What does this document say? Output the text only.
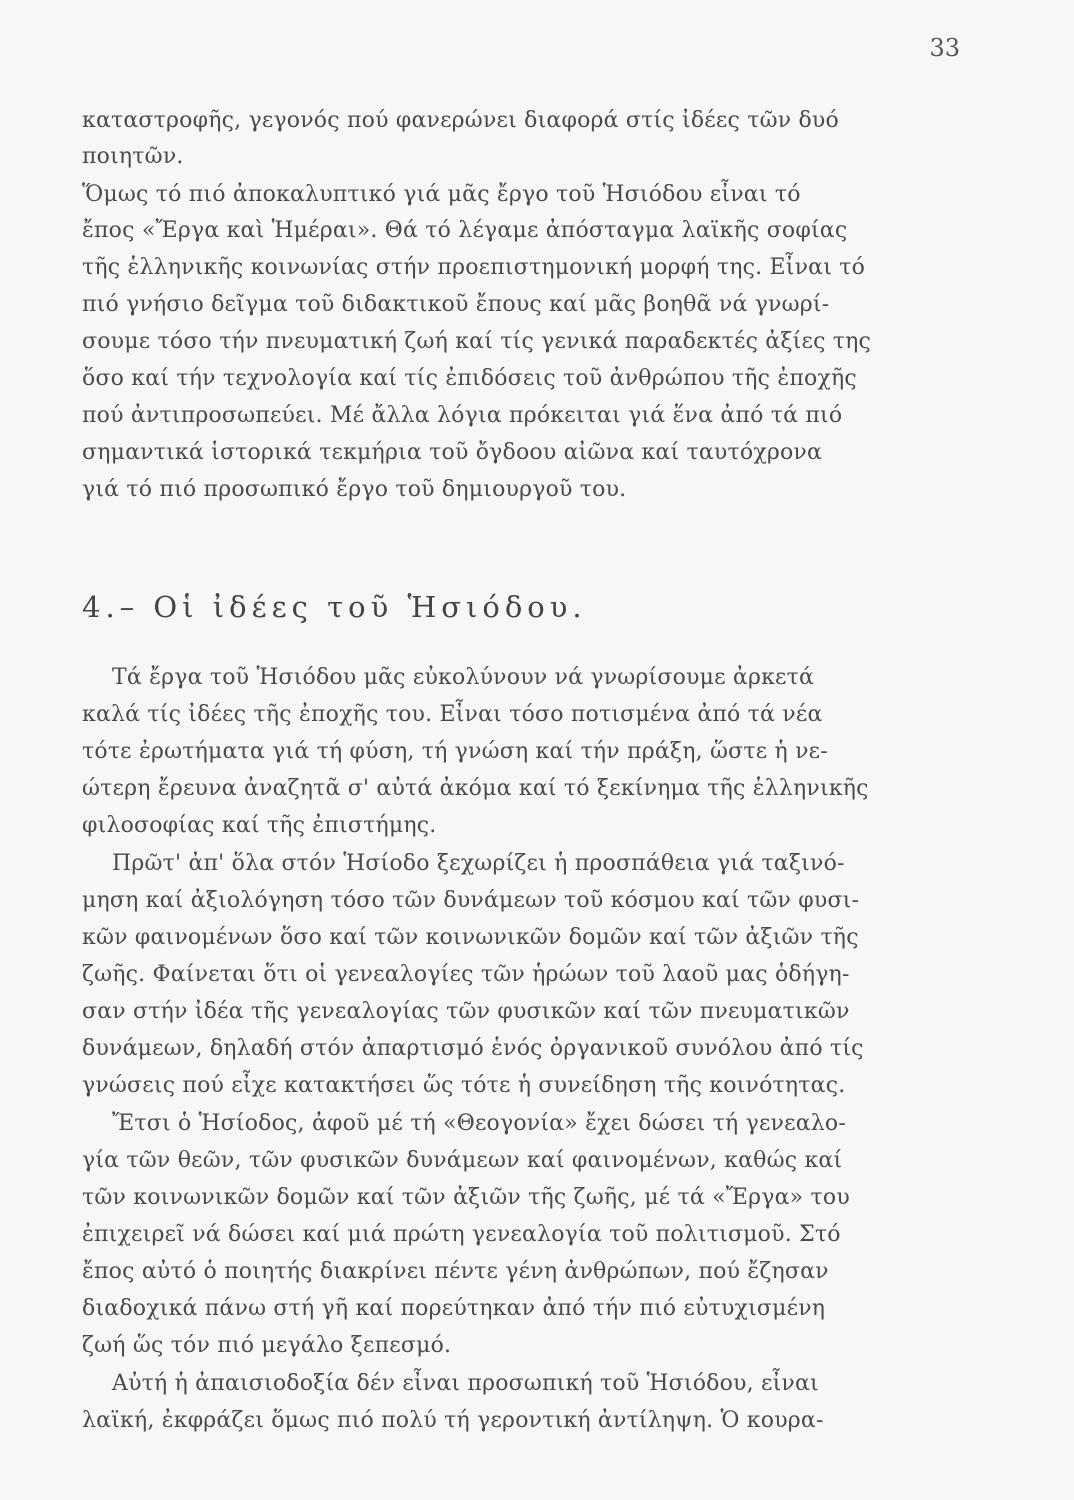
33
καταστροφῆς, γεγονός πού φανερώνει διαφορά στίς ἰδέες τῶν δυό
ποιητῶν.
Ὅμως τό πιό ἀποκαλυπτικό γιά μᾶς ἔργο τοῦ Ἡσιόδου εἶναι τό
ἔπος «Ἔργα καὶ Ἡμέραι». Θά τό λέγαμε ἀπόσταγμα λαϊκῆς σοφίας
τῆς ἑλληνικῆς κοινωνίας στήν προεπιστημονική μορφή της. Εἶναι τό
πιό γνήσιο δεῖγμα τοῦ διδακτικοῦ ἔπους καί μᾶς βοηθᾶ νά γνωρί-
σουμε τόσο τήν πνευματική ζωή καί τίς γενικά παραδεκτές ἀξίες της
ὅσο καί τήν τεχνολογία καί τίς ἐπιδόσεις τοῦ ἀνθρώπου τῆς ἐποχῆς
πού ἀντιπροσωπεύει. Μέ ἄλλα λόγια πρόκειται γιά ἕνα ἀπό τά πιό
σημαντικά ἱστορικά τεκμήρια τοῦ ὄγδοου αἰῶνα καί ταυτόχρονα
γιά τό πιό προσωπικό ἔργο τοῦ δημιουργοῦ του.
4.– Οἱ ἰδέες τοῦ Ἡσιόδου.
Τά ἔργα τοῦ Ἡσιόδου μᾶς εὐκολύνουν νά γνωρίσουμε ἀρκετά
καλά τίς ἰδέες τῆς ἐποχῆς του. Εἶναι τόσο ποτισμένα ἀπό τά νέα
τότε ἐρωτήματα γιά τή φύση, τή γνώση καί τήν πράξη, ὥστε ἡ νε-
ώτερη ἔρευνα ἀναζητᾶ σ' αὐτά ἀκόμα καί τό ξεκίνημα τῆς ἑλληνικῆς
φιλοσοφίας καί τῆς ἐπιστήμης.
Πρῶτ' ἀπ' ὅλα στόν Ἡσίοδο ξεχωρίζει ἡ προσπάθεια γιά ταξινό-
μηση καί ἀξιολόγηση τόσο τῶν δυνάμεων τοῦ κόσμου καί τῶν φυσι-
κῶν φαινομένων ὅσο καί τῶν κοινωνικῶν δομῶν καί τῶν ἀξιῶν τῆς
ζωῆς. Φαίνεται ὅτι οἱ γενεαλογίες τῶν ἡρώων τοῦ λαοῦ μας ὁδήγη-
σαν στήν ἰδέα τῆς γενεαλογίας τῶν φυσικῶν καί τῶν πνευματικῶν
δυνάμεων, δηλαδή στόν ἀπαρτισμό ἑνός ὀργανικοῦ συνόλου ἀπό τίς
γνώσεις πού εἶχε κατακτήσει ὥς τότε ἡ συνείδηση τῆς κοινότητας.
Ἔτσι ὁ Ἡσίοδος, ἀφοῦ μέ τή «Θεογονία» ἔχει δώσει τή γενεαλο-
γία τῶν θεῶν, τῶν φυσικῶν δυνάμεων καί φαινομένων, καθώς καί
τῶν κοινωνικῶν δομῶν καί τῶν ἀξιῶν τῆς ζωῆς, μέ τά «Ἔργα» του
ἐπιχειρεῖ νά δώσει καί μιά πρώτη γενεαλογία τοῦ πολιτισμοῦ. Στό
ἔπος αὐτό ὁ ποιητής διακρίνει πέντε γένη ἀνθρώπων, πού ἔζησαν
διαδοχικά πάνω στή γῆ καί πορεύτηκαν ἀπό τήν πιό εὐτυχισμένη
ζωή ὥς τόν πιό μεγάλο ξεπεσμό.
Αὐτή ἡ ἀπαισιοδοξία δέν εἶναι προσωπική τοῦ Ἡσιόδου, εἶναι
λαϊκή, ἐκφράζει ὅμως πιό πολύ τή γεροντική ἀντίληψη. Ὁ κουρα-
